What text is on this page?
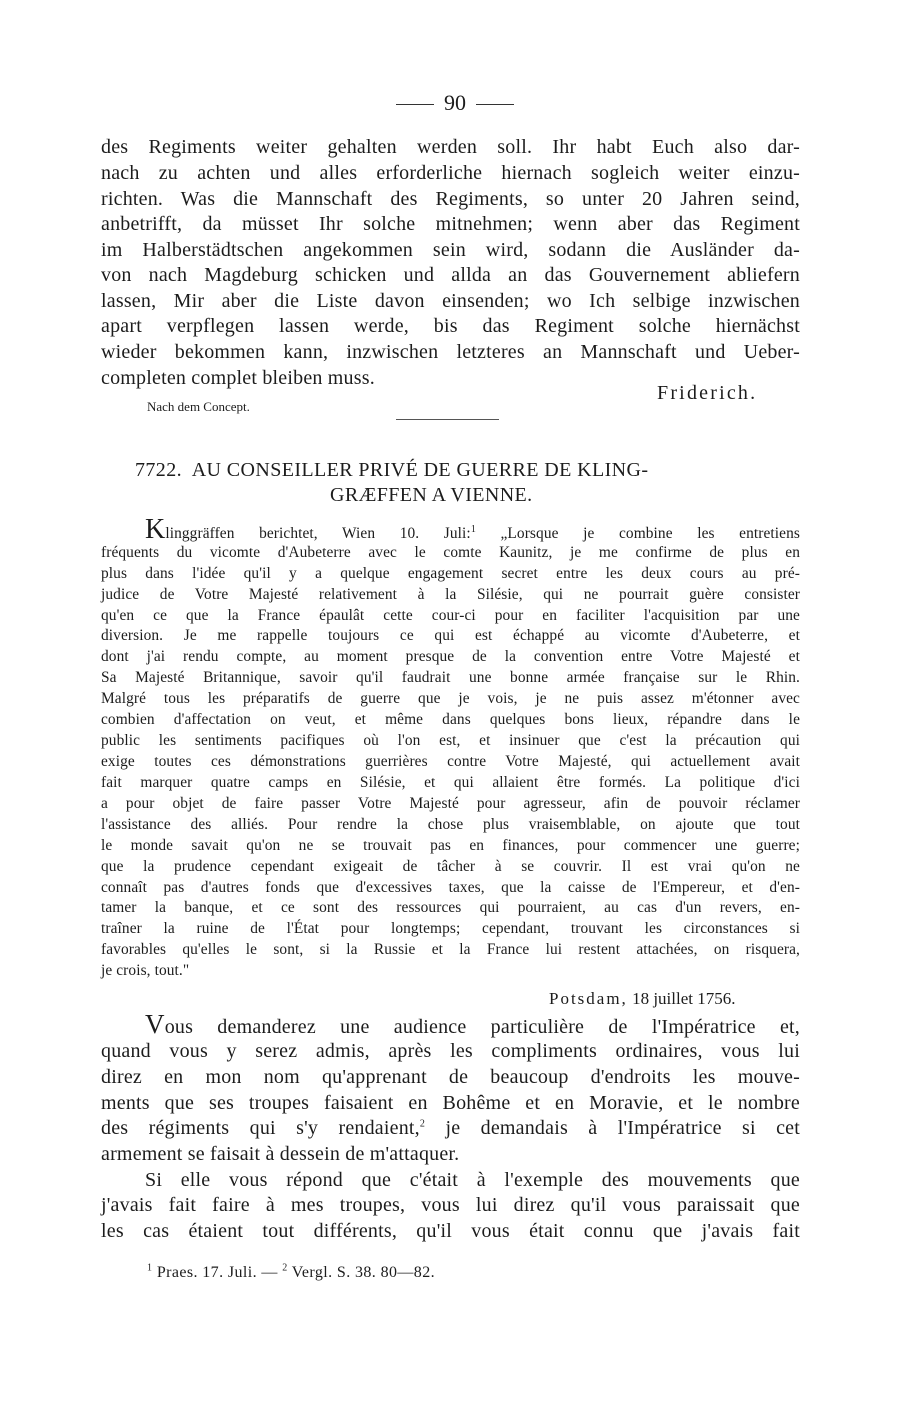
90
des Regiments weiter gehalten werden soll. Ihr habt Euch also dar-
nach zu achten und alles erforderliche hiernach sogleich weiter einzu-
richten. Was die Mannschaft des Regiments, so unter 20 Jahren seind,
anbetrifft, da müsset Ihr solche mitnehmen; wenn aber das Regiment
im Halberstädtschen angekommen sein wird, sodann die Ausländer da-
von nach Magdeburg schicken und allda an das Gouvernement abliefern
lassen, Mir aber die Liste davon einsenden; wo Ich selbige inzwischen
apart verpflegen lassen werde, bis das Regiment solche hiernächst
wieder bekommen kann, inzwischen letzteres an Mannschaft und Ueber-
completen complet bleiben muss.
Friderich.
Nach dem Concept.
7722. AU CONSEILLER PRIVÉ DE GUERRE DE KLING-
GRÆFFEN A VIENNE.
Klinggräffen berichtet, Wien 10. Juli:$^1$ „Lorsque je combine les entretiens
fréquents du vicomte d'Aubeterre avec le comte Kaunitz, je me confirme de plus en
plus dans l'idée qu'il y a quelque engagement secret entre les deux cours au pré-
judice de Votre Majesté relativement à la Silésie, qui ne pourrait guère consister
qu'en ce que la France épaulât cette cour-ci pour en faciliter l'acquisition par une
diversion. Je me rappelle toujours ce qui est échappé au vicomte d'Aubeterre, et
dont j'ai rendu compte, au moment presque de la convention entre Votre Majesté et
Sa Majesté Britannique, savoir qu'il faudrait une bonne armée française sur le Rhin.
Malgré tous les préparatifs de guerre que je vois, je ne puis assez m'étonner avec
combien d'affectation on veut, et même dans quelques bons lieux, répandre dans le
public les sentiments pacifiques où l'on est, et insinuer que c'est la précaution qui
exige toutes ces démonstrations guerrières contre Votre Majesté, qui actuellement avait
fait marquer quatre camps en Silésie, et qui allaient être formés. La politique d'ici
a pour objet de faire passer Votre Majesté pour agresseur, afin de pouvoir réclamer
l'assistance des alliés. Pour rendre la chose plus vraisemblable, on ajoute que tout
le monde savait qu'on ne se trouvait pas en finances, pour commencer une guerre;
que la prudence cependant exigeait de tâcher à se couvrir. Il est vrai qu'on ne
connaît pas d'autres fonds que d'excessives taxes, que la caisse de l'Empereur, et d'en-
tamer la banque, et ce sont des ressources qui pourraient, au cas d'un revers, en-
traîner la ruine de l'État pour longtemps; cependant, trouvant les circonstances si
favorables qu'elles le sont, si la Russie et la France lui restent attachées, on risquera,
je crois, tout."
Potsdam, 18 juillet 1756.
Vous demanderez une audience particulière de l'Impératrice et,
quand vous y serez admis, après les compliments ordinaires, vous lui
direz en mon nom qu'apprenant de beaucoup d'endroits les mouve-
ments que ses troupes faisaient en Bohême et en Moravie, et le nombre
des régiments qui s'y rendaient,$^2$ je demandais à l'Impératrice si cet
armement se faisait à dessein de m'attaquer.
Si elle vous répond que c'était à l'exemple des mouvements que
j'avais fait faire à mes troupes, vous lui direz qu'il vous paraissait que
les cas étaient tout différents, qu'il vous était connu que j'avais fait
$^1$ Praes. 17. Juli. — $^2$ Vergl. S. 38. 80—82.
